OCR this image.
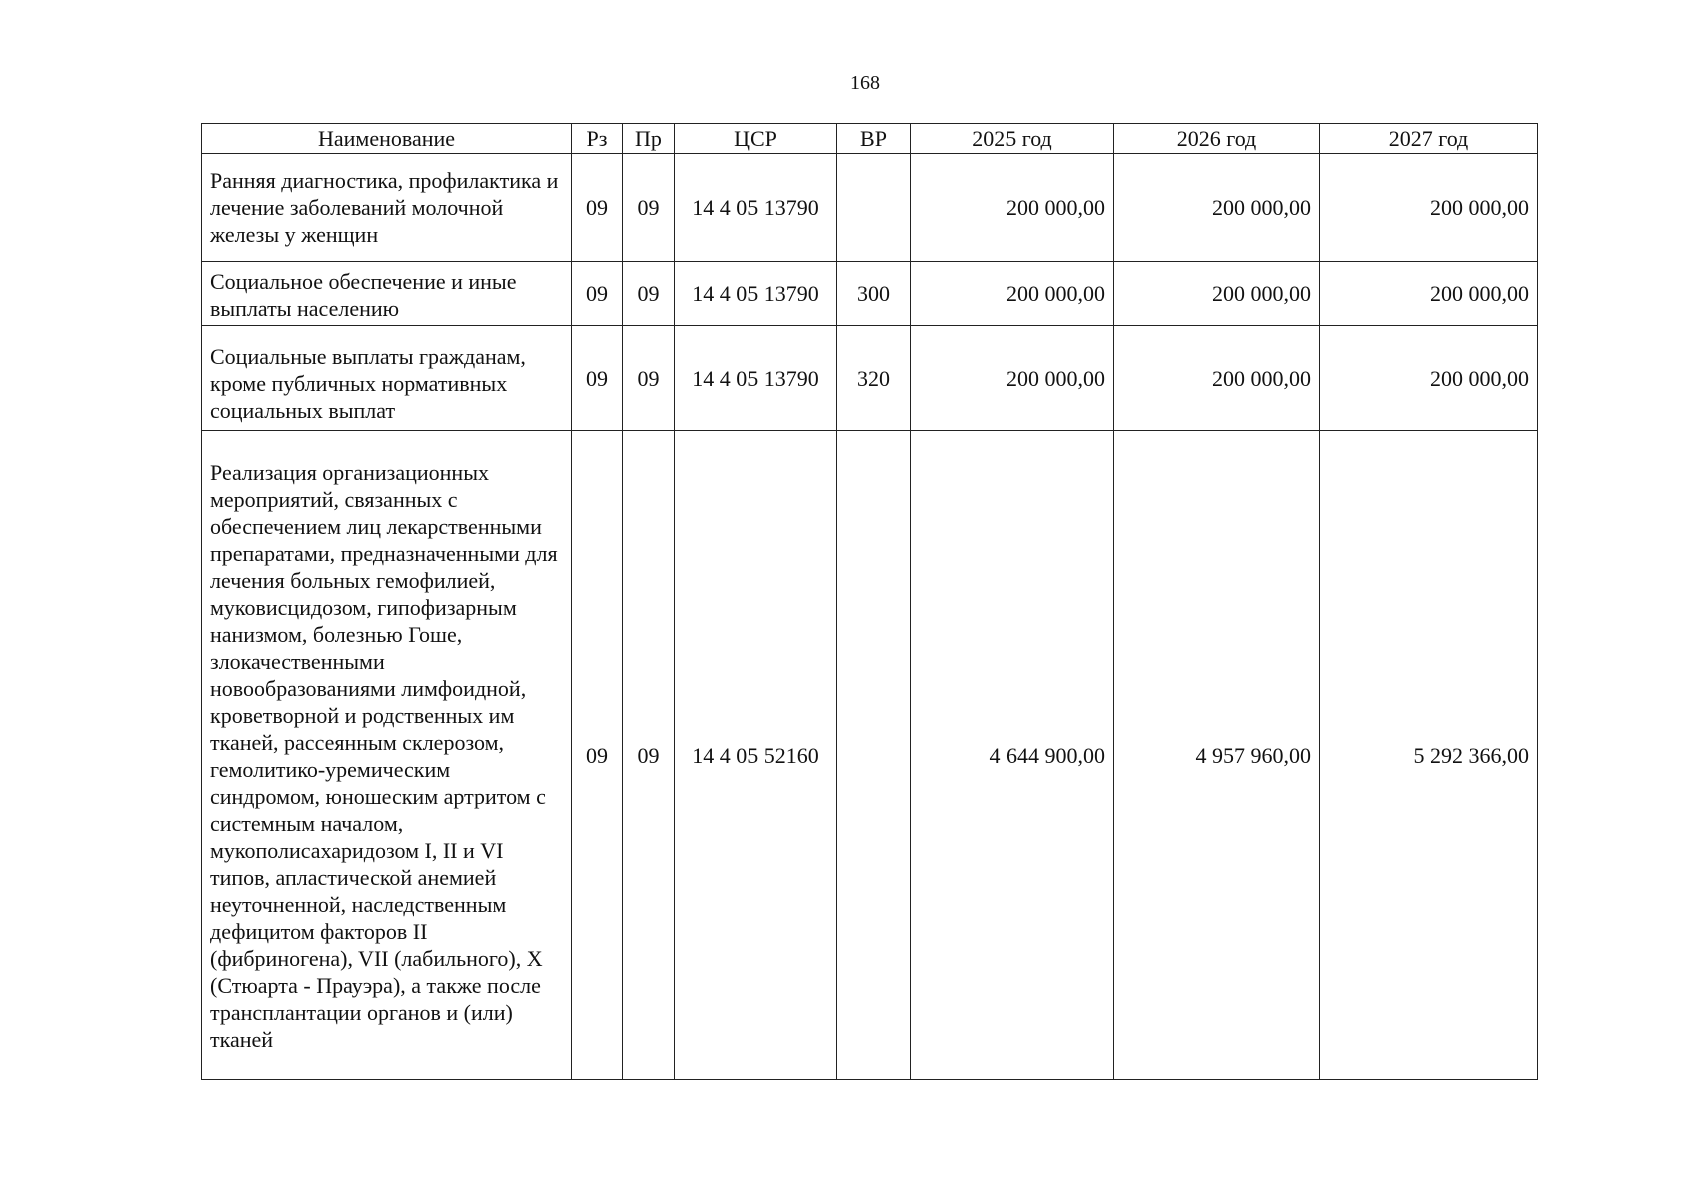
168
Наименование	Рз	Пр	ЦСР	ВР	2025 год	2026 год	2027 год
Ранняя диагностика, профилактика и лечение заболеваний молочной железы у женщин	09	09	14 4 05 13790		200 000,00	200 000,00	200 000,00
Социальное обеспечение и иные выплаты населению	09	09	14 4 05 13790	300	200 000,00	200 000,00	200 000,00
Социальные выплаты гражданам, кроме публичных нормативных социальных выплат	09	09	14 4 05 13790	320	200 000,00	200 000,00	200 000,00
Реализация организационных мероприятий, связанных с обеспечением лиц лекарственными препаратами, предназначенными для лечения больных гемофилией, муковисцидозом, гипофизарным нанизмом, болезнью Гоше, злокачественными новообразованиями лимфоидной, кроветворной и родственных им тканей, рассеянным склерозом, гемолитико-уремическим синдромом, юношеским артритом с системным началом, мукополисахаридозом I, II и VI типов, апластической анемией неуточненной, наследственным дефицитом факторов II (фибриногена), VII (лабильного), X (Стюарта - Прауэра), а также после трансплантации органов и (или) тканей	09	09	14 4 05 52160		4 644 900,00	4 957 960,00	5 292 366,00
